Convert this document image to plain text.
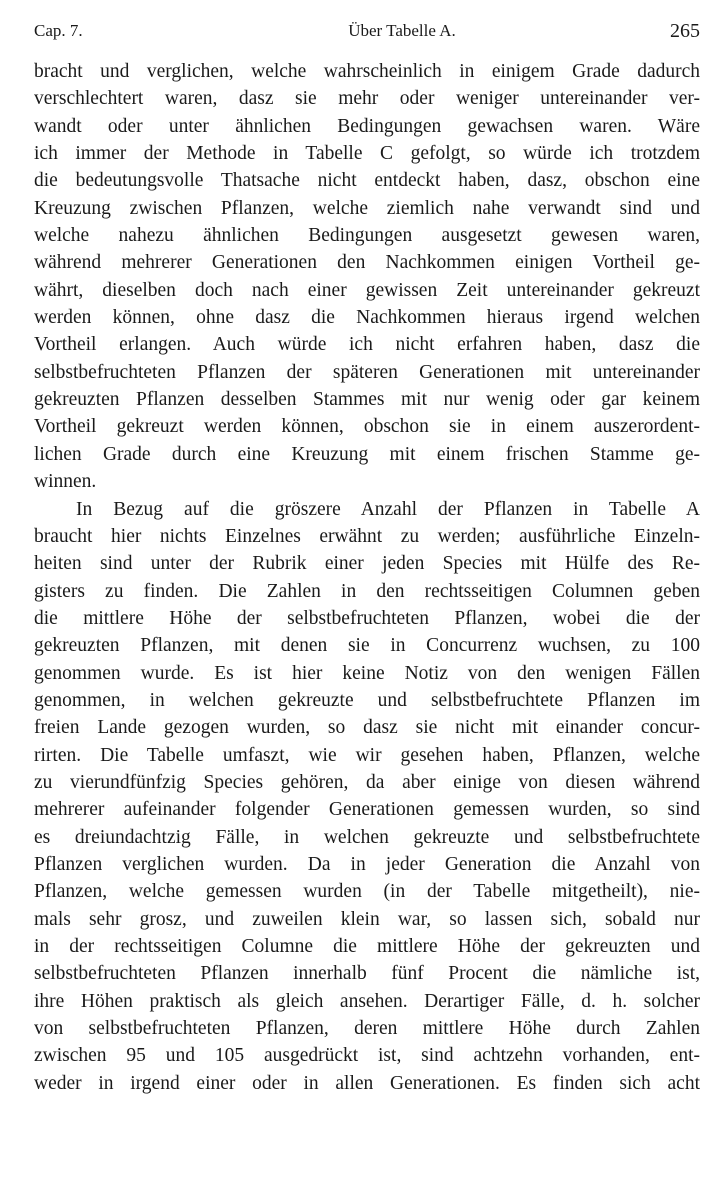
Cap. 7.	Über Tabelle A.	265
bracht und verglichen, welche wahrscheinlich in einigem Grade dadurch
verschlechtert waren, dasz sie mehr oder weniger untereinander ver-
wandt oder unter ähnlichen Bedingungen gewachsen waren. Wäre
ich immer der Methode in Tabelle C gefolgt, so würde ich trotzdem
die bedeutungsvolle Thatsache nicht entdeckt haben, dasz, obschon eine
Kreuzung zwischen Pflanzen, welche ziemlich nahe verwandt sind und
welche nahezu ähnlichen Bedingungen ausgesetzt gewesen waren,
während mehrerer Generationen den Nachkommen einigen Vortheil ge-
währt, dieselben doch nach einer gewissen Zeit untereinander gekreuzt
werden können, ohne dasz die Nachkommen hieraus irgend welchen
Vortheil erlangen. Auch würde ich nicht erfahren haben, dasz die
selbstbefruchteten Pflanzen der späteren Generationen mit untereinander
gekreuzten Pflanzen desselben Stammes mit nur wenig oder gar keinem
Vortheil gekreuzt werden können, obschon sie in einem auszerordent-
lichen Grade durch eine Kreuzung mit einem frischen Stamme ge-
winnen.
In Bezug auf die gröszere Anzahl der Pflanzen in Tabelle A
braucht hier nichts Einzelnes erwähnt zu werden; ausführliche Einzeln-
heiten sind unter der Rubrik einer jeden Species mit Hülfe des Re-
gisters zu finden. Die Zahlen in den rechtsseitigen Columnen geben
die mittlere Höhe der selbstbefruchteten Pflanzen, wobei die der
gekreuzten Pflanzen, mit denen sie in Concurrenz wuchsen, zu 100
genommen wurde. Es ist hier keine Notiz von den wenigen Fällen
genommen, in welchen gekreuzte und selbstbefruchtete Pflanzen im
freien Lande gezogen wurden, so dasz sie nicht mit einander concur-
rirten. Die Tabelle umfaszt, wie wir gesehen haben, Pflanzen, welche
zu vierundfünfzig Species gehören, da aber einige von diesen während
mehrerer aufeinander folgender Generationen gemessen wurden, so sind
es dreiundachtzig Fälle, in welchen gekreuzte und selbstbefruchtete
Pflanzen verglichen wurden. Da in jeder Generation die Anzahl von
Pflanzen, welche gemessen wurden (in der Tabelle mitgetheilt), nie-
mals sehr grosz, und zuweilen klein war, so lassen sich, sobald nur
in der rechtsseitigen Columne die mittlere Höhe der gekreuzten und
selbstbefruchteten Pflanzen innerhalb fünf Procent die nämliche ist,
ihre Höhen praktisch als gleich ansehen. Derartiger Fälle, d. h. solcher
von selbstbefruchteten Pflanzen, deren mittlere Höhe durch Zahlen
zwischen 95 und 105 ausgedrückt ist, sind achtzehn vorhanden, ent-
weder in irgend einer oder in allen Generationen. Es finden sich acht
